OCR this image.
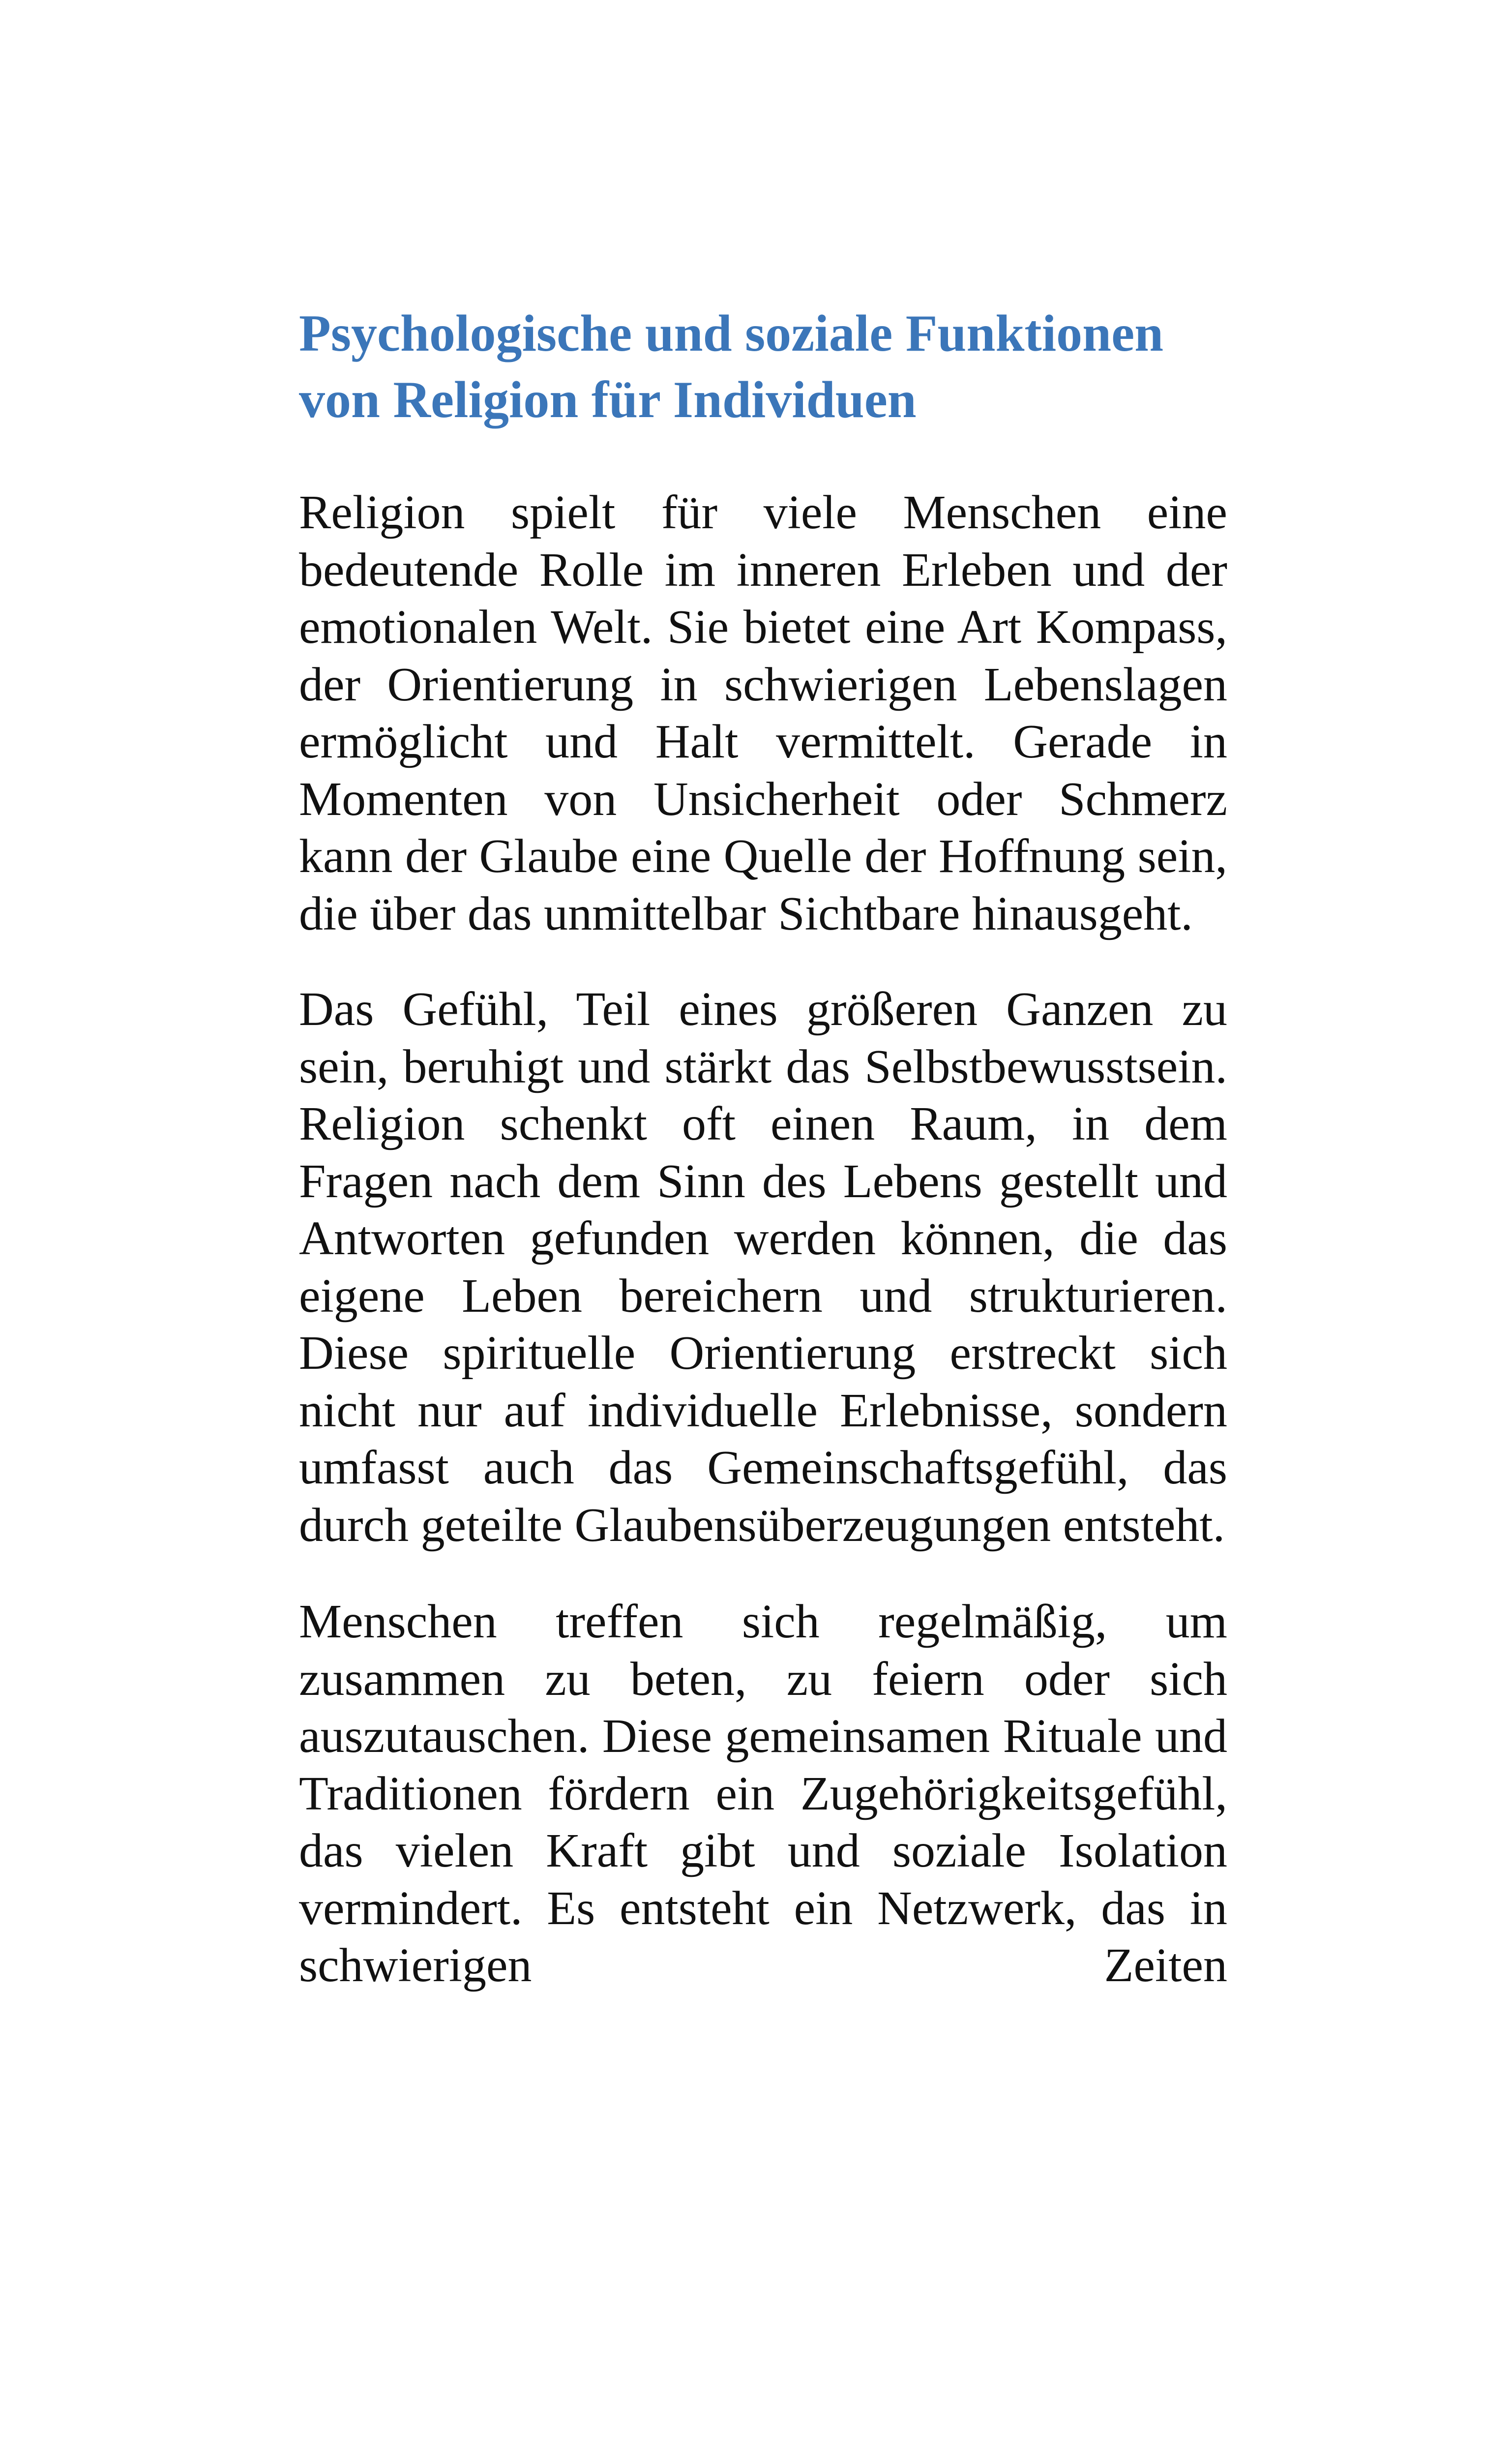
Psychologische und soziale Funktionen von Religion für Individuen

Religion spielt für viele Menschen eine bedeutende Rolle im inneren Erleben und der emotionalen Welt. Sie bietet eine Art Kompass, der Orientierung in schwierigen Lebenslagen ermöglicht und Halt vermittelt. Gerade in Momenten von Unsicherheit oder Schmerz kann der Glaube eine Quelle der Hoffnung sein, die über das unmittelbar Sichtbare hinausgeht.

Das Gefühl, Teil eines größeren Ganzen zu sein, beruhigt und stärkt das Selbstbewusstsein. Religion schenkt oft einen Raum, in dem Fragen nach dem Sinn des Lebens gestellt und Antworten gefunden werden können, die das eigene Leben bereichern und strukturieren. Diese spirituelle Orientierung erstreckt sich nicht nur auf individuelle Erlebnisse, sondern umfasst auch das Gemeinschaftsgefühl, das durch geteilte Glaubensüberzeugungen entsteht.

Menschen treffen sich regelmäßig, um zusammen zu beten, zu feiern oder sich auszutauschen. Diese gemeinsamen Rituale und Traditionen fördern ein Zugehörigkeitsgefühl, das vielen Kraft gibt und soziale Isolation vermindert. Es entsteht ein Netzwerk, das in schwierigen Zeiten
